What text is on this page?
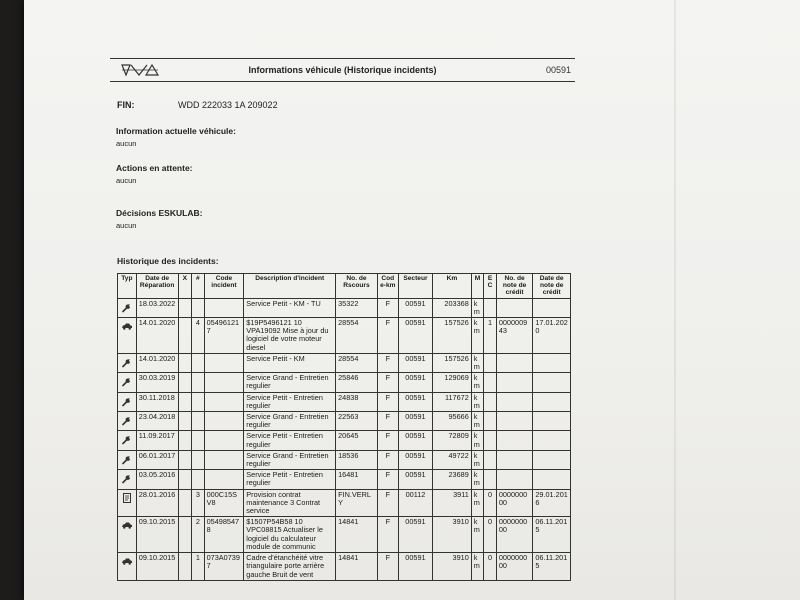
Informations véhicule (Historique incidents)	00591
FIN:	WDD 222033 1A 209022
Information actuelle véhicule:
aucun
Actions en attente:
aucun
Décisions ESKULAB:
aucun
Historique des incidents:
Typ	Date de Réparation	X	#	Code incident	Description d'incident	No. de Rscours	Code-km	Secteur	Km	M	EC	No. de note de crédit	Date de note de crédit

	18.03.2022				Service Petit - KM - TU	35322	F	00591	203368	km			

	14.01.2020		4	054961217	$19P5496121 10 VPA19092 Mise à jour du logiciel de votre moteur diesel	28554	F	00591	157526	km	1	000000943	17.01.2020

	14.01.2020				Service Petit - KM	28554	F	00591	157526	km			

	30.03.2019				Service Grand - Entretien regulier	25846	F	00591	129069	km			

	30.11.2018				Service Petit - Entretien regulier	24838	F	00591	117672	km			

	23.04.2018				Service Grand - Entretien regulier	22563	F	00591	95666	km			

	11.09.2017				Service Petit - Entretien regulier	20645	F	00591	72809	km			

	06.01.2017				Service Grand - Entretien regulier	18536	F	00591	49722	km			

	03.05.2016				Service Petit - Entretien regulier	16481	F	00591	23689	km			

	28.01.2016		3	000C15SV8	Provision contrat maintenance 3 Contrat service	FIN.VERLY	F	00112	3911	km	0	000000000	29.01.2016

	09.10.2015		2	054985478	$1507P54B58 10 VPC08815 Actualiser le logiciel du calculateur module de communic	14841	F	00591	3910	km	0	000000000	06.11.2015

	09.10.2015		1	073A07397	Cadre d'étanchéité vitre triangulaire porte arrière gauche Bruit de vent	14841	F	00591	3910	km	0	000000000	06.11.2015
